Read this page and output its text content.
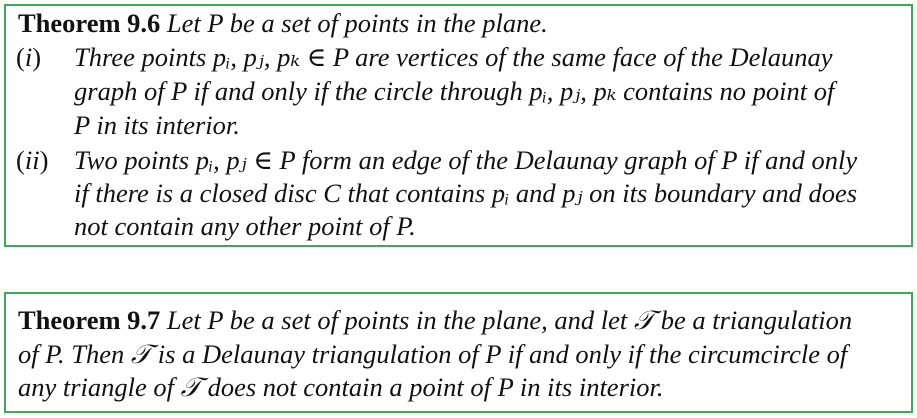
Theorem 9.6 Let P be a set of points in the plane.
(i) Three points pᵢ, pⱼ, pₖ ∈ P are vertices of the same face of the Delaunay
graph of P if and only if the circle through pᵢ, pⱼ, pₖ contains no point of
P in its interior.
(ii) Two points pᵢ, pⱼ ∈ P form an edge of the Delaunay graph of P if and only
if there is a closed disc C that contains pᵢ and pⱼ on its boundary and does
not contain any other point of P.
Theorem 9.7 Let P be a set of points in the plane, and let 𝒯 be a triangulation
of P. Then 𝒯 is a Delaunay triangulation of P if and only if the circumcircle of
any triangle of 𝒯 does not contain a point of P in its interior.
